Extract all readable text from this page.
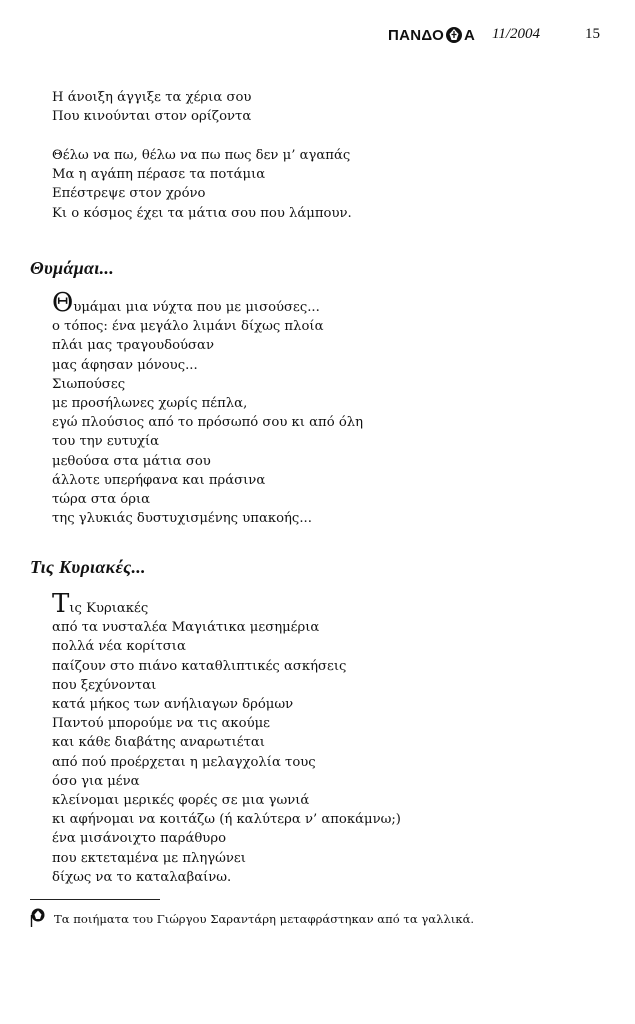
ΠΑΝΔΟ Α 11/2004	15
Η άνοιξη άγγιξε τα χέρια σου
Που κινούνται στον ορίζοντα
Θέλω να πω, θέλω να πω πως δεν μ’ αγαπάς
Μα η αγάπη πέρασε τα ποτάμια
Επέστρεψε στον χρόνο
Κι ο κόσμος έχει τα μάτια σου που λάμπουν.
Θυμάμαι...
Θυμάμαι μια νύχτα που με μισούσες...
ο τόπος: ένα μεγάλο λιμάνι δίχως πλοία
πλάι μας τραγουδούσαν
μας άφησαν μόνους...
Σιωπούσες
με προσήλωνες χωρίς πέπλα,
εγώ πλούσιος από το πρόσωπό σου κι από όλη
του την ευτυχία
μεθούσα στα μάτια σου
άλλοτε υπερήφανα και πράσινα
τώρα στα όρια
της γλυκιάς δυστυχισμένης υπακοής...
Τις Κυριακές...
Τις Κυριακές
από τα νυσταλέα Μαγιάτικα μεσημέρια
πολλά νέα κορίτσια
παίζουν στο πιάνο καταθλιπτικές ασκήσεις
που ξεχύνονται
κατά μήκος των ανήλιαγων δρόμων
Παντού μπορούμε να τις ακούμε
και κάθε διαβάτης αναρωτιέται
από πού προέρχεται η μελαγχολία τους
όσο για μένα
κλείνομαι μερικές φορές σε μια γωνιά
κι αφήνομαι να κοιτάζω (ή καλύτερα ν’ αποκάμνω;)
ένα μισάνοιχτο παράθυρο
που εκτεταμένα με πληγώνει
δίχως να το καταλαβαίνω.
Τα ποιήματα του Γιώργου Σαραντάρη μεταφράστηκαν από τα γαλλικά.
